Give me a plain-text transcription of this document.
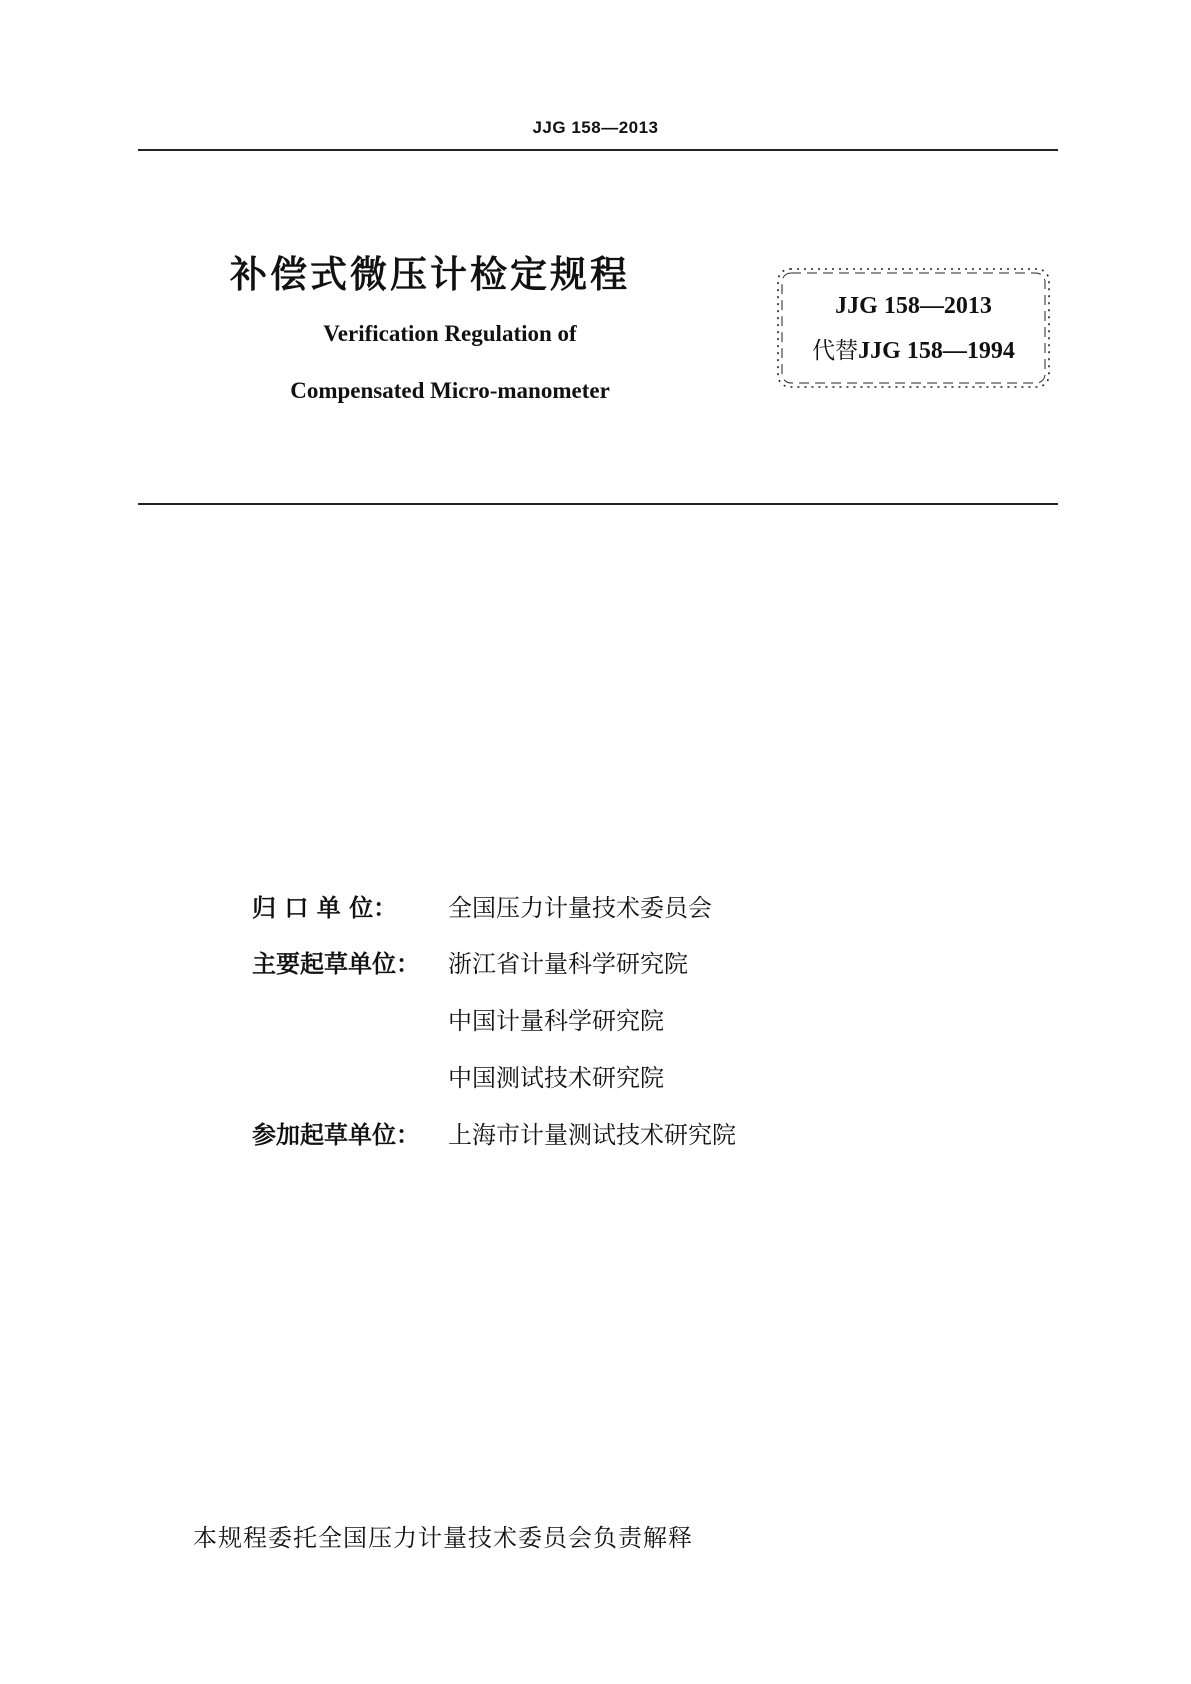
JJG 158—2013
补偿式微压计检定规程
Verification Regulation of
Compensated Micro-manometer
JJG 158—2013
代替JJG 158—1994
归 口 单 位： 全国压力计量技术委员会
主要起草单位： 浙江省计量科学研究院
中国计量科学研究院
中国测试技术研究院
参加起草单位： 上海市计量测试技术研究院
本规程委托全国压力计量技术委员会负责解释
